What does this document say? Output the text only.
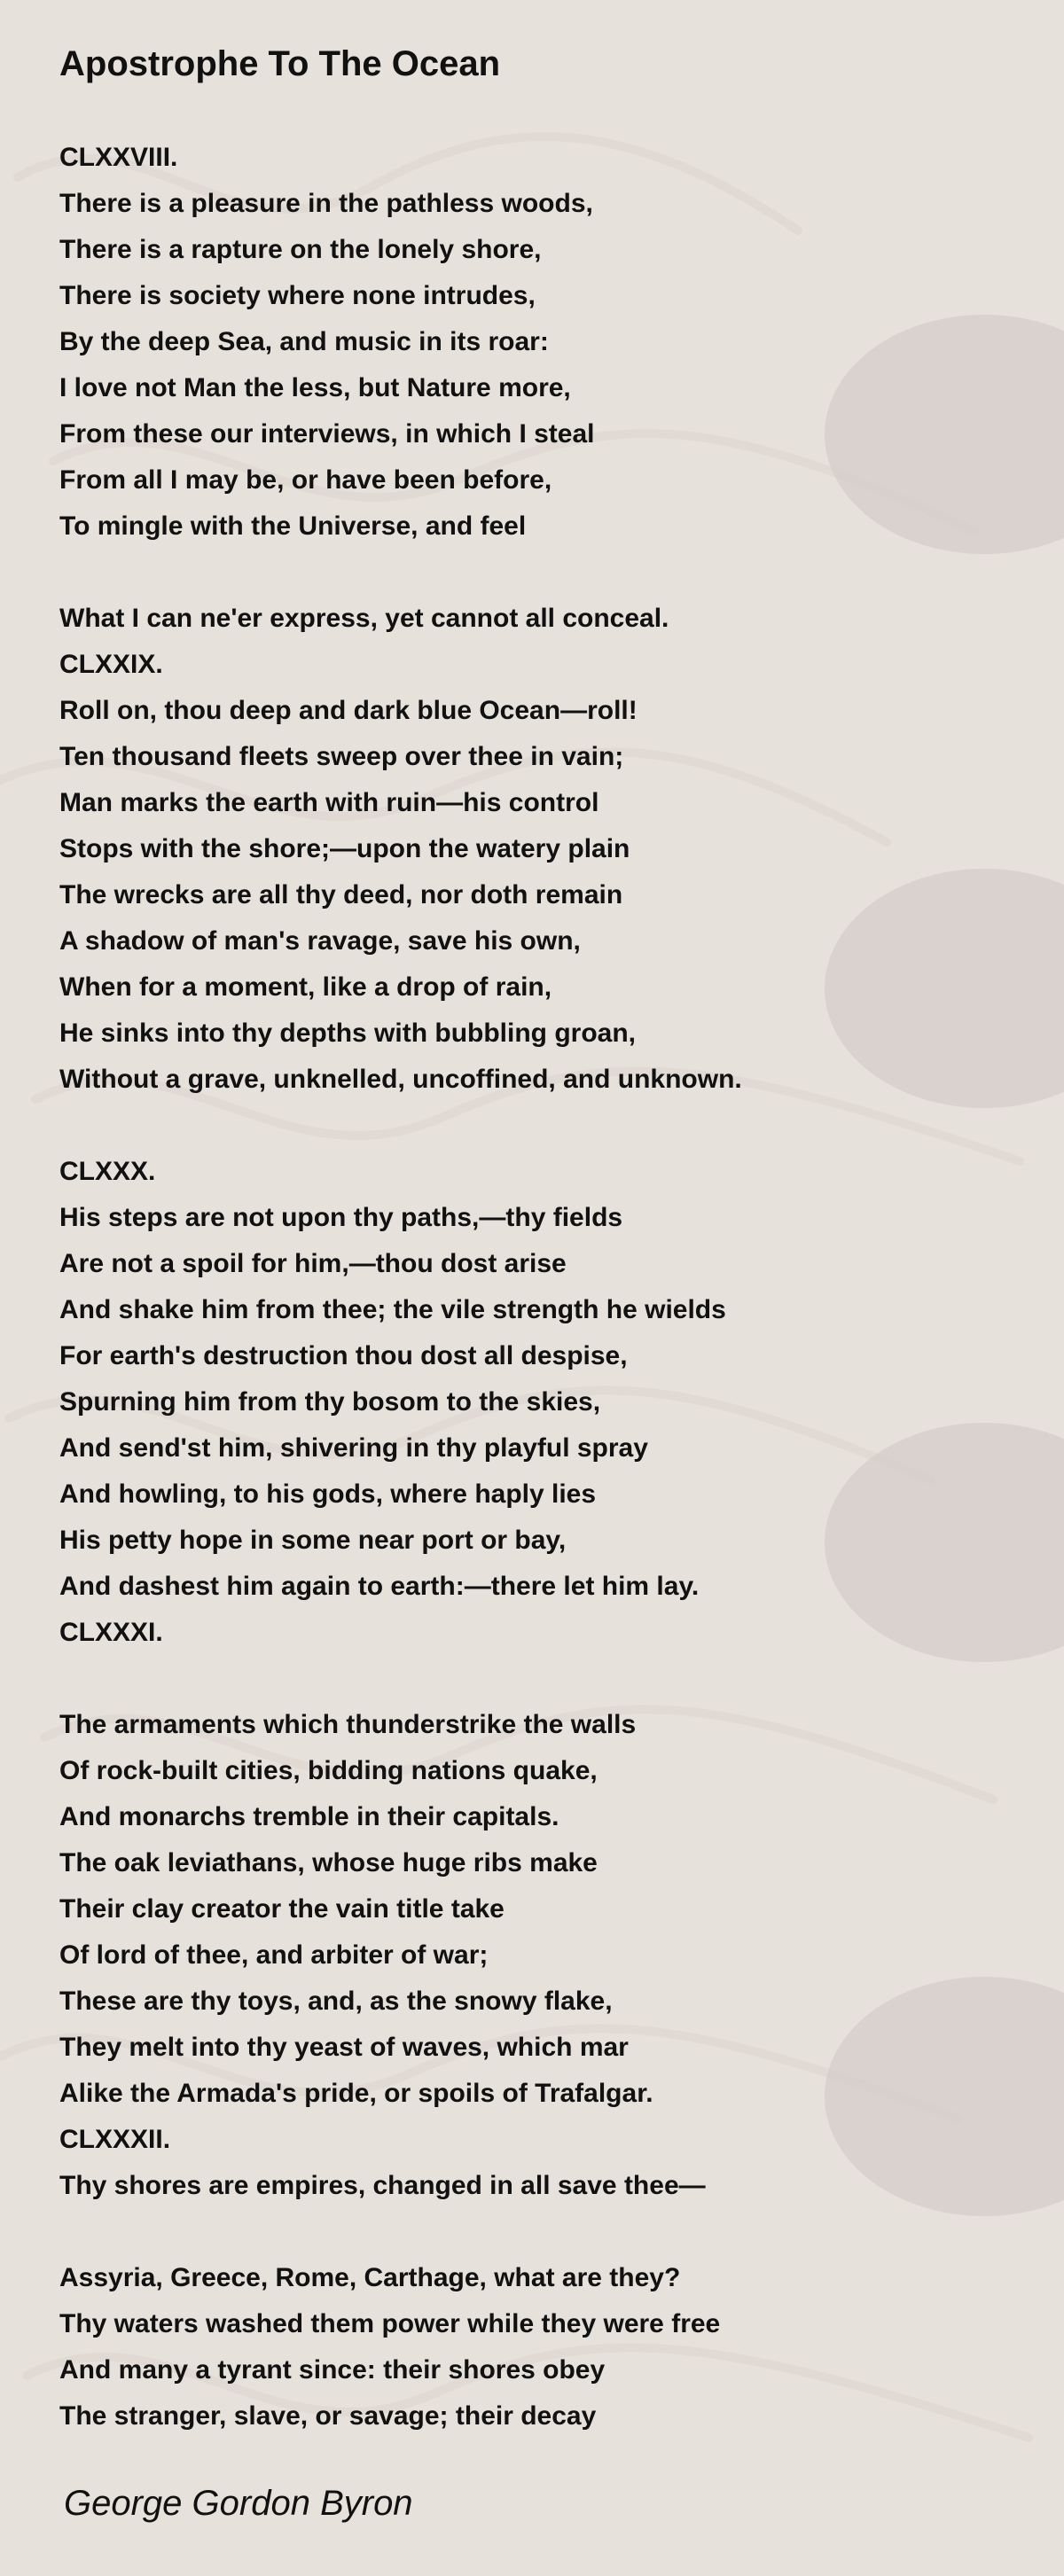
Apostrophe To The Ocean
CLXXVIII.
There is a pleasure in the pathless woods,
There is a rapture on the lonely shore,
There is society where none intrudes,
By the deep Sea, and music in its roar:
I love not Man the less, but Nature more,
From these our interviews, in which I steal
From all I may be, or have been before,
To mingle with the Universe, and feel
What I can ne'er express, yet cannot all conceal.
CLXXIX.
Roll on, thou deep and dark blue Ocean—roll!
Ten thousand fleets sweep over thee in vain;
Man marks the earth with ruin—his control
Stops with the shore;—upon the watery plain
The wrecks are all thy deed, nor doth remain
A shadow of man's ravage, save his own,
When for a moment, like a drop of rain,
He sinks into thy depths with bubbling groan,
Without a grave, unknelled, uncoffined, and unknown.
CLXXX.
His steps are not upon thy paths,—thy fields
Are not a spoil for him,—thou dost arise
And shake him from thee; the vile strength he wields
For earth's destruction thou dost all despise,
Spurning him from thy bosom to the skies,
And send'st him, shivering in thy playful spray
And howling, to his gods, where haply lies
His petty hope in some near port or bay,
And dashest him again to earth:—there let him lay.
CLXXXI.
The armaments which thunderstrike the walls
Of rock-built cities, bidding nations quake,
And monarchs tremble in their capitals.
The oak leviathans, whose huge ribs make
Their clay creator the vain title take
Of lord of thee, and arbiter of war;
These are thy toys, and, as the snowy flake,
They melt into thy yeast of waves, which mar
Alike the Armada's pride, or spoils of Trafalgar.
CLXXXII.
Thy shores are empires, changed in all save thee—
Assyria, Greece, Rome, Carthage, what are they?
Thy waters washed them power while they were free
And many a tyrant since: their shores obey
The stranger, slave, or savage; their decay
George Gordon Byron
